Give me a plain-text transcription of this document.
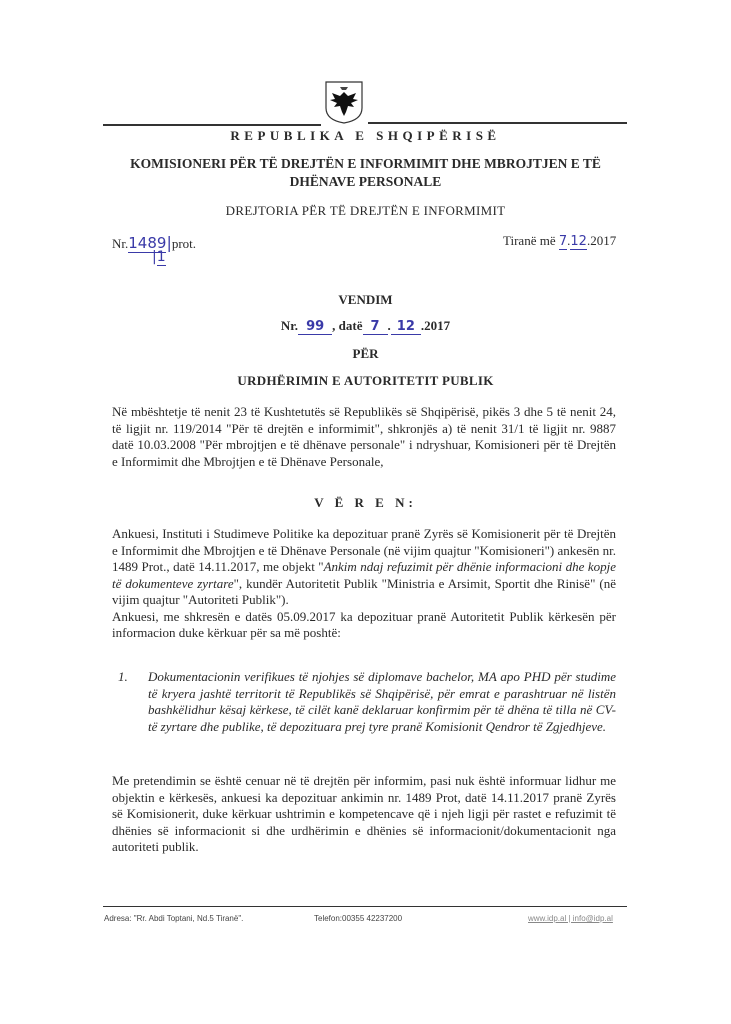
REPUBLIKA E SHQIPËRISË
KOMISIONERI PËR TË DREJTËN E INFORMIMIT DHE MBROJTJEN E TË
DHËNAVE PERSONALE
DREJTORIA PËR TË DREJTËN E INFORMIMIT
Nr.1489|prot.
|1
Tiranë më 7.12.2017
VENDIM
Nr. 99 , datë 7 . 12 .2017
PËR
URDHËRIMIN E AUTORITETIT PUBLIK
Në mbështetje të nenit 23 të Kushtetutës së Republikës së Shqipërisë, pikës 3 dhe 5 të nenit 24, të ligjit nr. 119/2014 "Për të drejtën e informimit", shkronjës a) të nenit 31/1 të ligjit nr. 9887 datë 10.03.2008 "Për mbrojtjen e të dhënave personale" i ndryshuar, Komisioneri për të Drejtën e Informimit dhe Mbrojtjen e të Dhënave Personale,
V Ë R E N:
Ankuesi, Instituti i Studimeve Politike ka depozituar pranë Zyrës së Komisionerit për të Drejtën e Informimit dhe Mbrojtjen e të Dhënave Personale (në vijim quajtur "Komisioneri") ankesën nr. 1489 Prot., datë 14.11.2017, me objekt "Ankim ndaj refuzimit për dhënie informacioni dhe kopje të dokumenteve zyrtare", kundër Autoritetit Publik "Ministria e Arsimit, Sportit dhe Rinisë" (në vijim quajtur "Autoriteti Publik").
Ankuesi, me shkresën e datës 05.09.2017 ka depozituar pranë Autoritetit Publik kërkesën për informacion duke kërkuar për sa më poshtë:
1. Dokumentacionin verifikues të njohjes së diplomave bachelor, MA apo PHD për studime të kryera jashtë territorit të Republikës së Shqipërisë, për emrat e parashtruar në listën bashkëlidhur kësaj kërkese, të cilët kanë deklaruar konfirmim për të dhëna të tilla në CV-të zyrtare dhe publike, të depozituara prej tyre pranë Komisionit Qendror të Zgjedhjeve.
Me pretendimin se është cenuar në të drejtën për informim, pasi nuk është informuar lidhur me objektin e kërkesës, ankuesi ka depozituar ankimin nr. 1489 Prot, datë 14.11.2017 pranë Zyrës së Komisionerit, duke kërkuar ushtrimin e kompetencave që i njeh ligji për rastet e refuzimit të dhënies së informacionit si dhe urdhërimin e dhënies së informacionit/dokumentacionit nga autoriteti publik.
Adresa: "Rr. Abdi Toptani, Nd.5 Tiranë".	Telefon:00355 42237200	www.idp.al | info@idp.al
